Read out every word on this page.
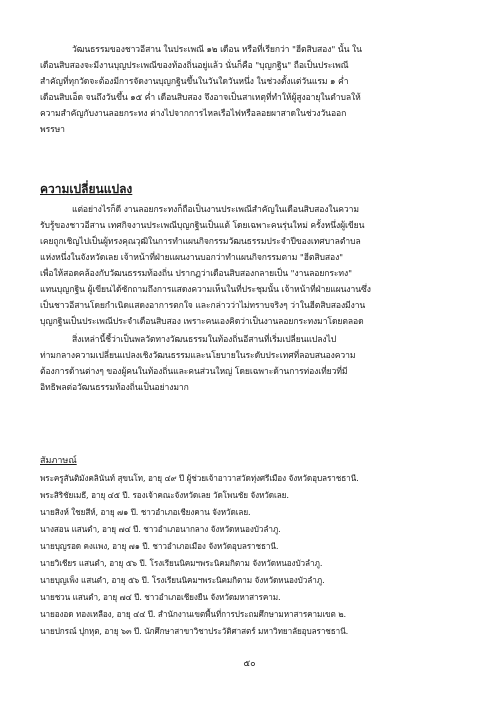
วัฒนธรรมของชาวอีสาน ในประเพณี ๑๒ เดือน หรือที่เรียกว่า "ฮีตสิบสอง" นั้น ใน
เดือนสิบสองจะมีงานบุญประเพณีของท้องถิ่นอยู่แล้ว นั่นก็คือ "บุญกฐิน" ถือเป็นประเพณี
สำคัญที่ทุกวัดจะต้องมีการจัดงานบุญกฐินขึ้นในวันใดวันหนึ่ง ในช่วงตั้งแต่วันแรม ๑ ค่ำ
เดือนสิบเอ็ด จนถึงวันขึ้น ๑๕ ค่ำ เดือนสิบสอง จึงอาจเป็นสาเหตุที่ทำให้ผู้สูงอายุในตำบลให้
ความสำคัญกับงานลอยกระทง ต่างไปจากการไหลเรือไฟหรือลอยผาสาดในช่วงวันออก
พรรษา
ความเปลี่ยนแปลง
แต่อย่างไรก็ดี งานลอยกระทงก็ถือเป็นงานประเพณีสำคัญในเดือนสิบสองในความ
รับรู้ของชาวอีสาน เทศกิจงานประเพณีบุญกฐินเป็นแต้ โดยเฉพาะคนรุ่นใหม่ ครั้งหนึ่งผู้เขียน
เคยถูกเชิญไปเป็นผู้ทรงคุณวุฒิในการทำแผนกิจกรรมวัฒนธรรมประจำปีของเทศบาลตำบล
แห่งหนึ่งในจังหวัดเลย เจ้าหน้าที่ฝ่ายแผนงานบอกว่าทำแผนกิจกรรมตาม "ฮีตสิบสอง"
เพื่อให้สอดคล้องกับวัฒนธรรมท้องถิ่น ปรากฏว่าเดือนสิบสองกลายเป็น "งานลอยกระทง"
แทนบุญกฐิน ผู้เขียนได้ซักถามถึงการแสดงความเห็นในที่ประชุมนั้น เจ้าหน้าที่ฝ่ายแผนงานซึ่ง
เป็นชาวอีสานโดยกำเนิดแสดงอาการตกใจ และกล่าวว่าไม่ทราบจริงๆ ว่าในฮีตสิบสองมีงาน
บุญกฐินเป็นประเพณีประจำเดือนสิบสอง เพราะคนเองคิดว่าเป็นงานลอยกระทงมาโดยตลอด
สิ่งเหล่านี้ชี้ว่าเป็นพลวัตทางวัฒนธรรมในท้องถิ่นอีสานที่เริ่มเปลี่ยนแปลงไป
ท่ามกลางความเปลี่ยนแปลงเชิงวัฒนธรรมและนโยบายในระดับประเทศที่ลอบสนองความ
ต้องการด้านต่างๆ ของผู้คนในท้องถิ่นและคนส่วนใหญ่ โดยเฉพาะด้านการท่องเที่ยวที่มี
อิทธิพลต่อวัฒนธรรมท้องถิ่นเป็นอย่างมาก
สัมภาษณ์
พระครูสันติมังคลินันท์ สุขนโท, อายุ ๔๙ ปี ผู้ช่วยเจ้าอาวาสวัดทุ่งศรีเมือง จังหวัดอุบลราชธานี.
พระสิริชัยเมธี, อายุ ๔๕ ปี. รองเจ้าคณะจังหวัดเลย วัดโพนชัย จังหวัดเลย.
นายสิงห์ ใชยสีห์, อายุ ๗๑ ปี. ชาวอำเภอเชียงคาน จังหวัดเลย.
นางสอน แสนตำ, อายุ ๗๔ ปี. ชาวอำเภอนากลาง จังหวัดหนองบัวลำภู.
นายบุญรอด คงแพง, อายุ ๗๑ ปี. ชาวอำเภอเมือง จังหวัดอุบลราชธานี.
นายวิเชียร แสนตำ, อายุ ๕๖ ปี. โรงเรียนนิคมฯพระนิคมกิตาม จังหวัดหนองบัวลำภู.
นายบุญเพ็ง แสนตำ, อายุ ๕๖ ปี. โรงเรียนนิคมฯพระนิคมกิตาม จังหวัดหนองบัวลำภู.
นายชวน แสนตำ, อายุ ๗๔ ปี. ชาวอำเภอเชียงยืน จังหวัดมหาสารคาม.
นายองอด ทองเหลือง, อายุ ๔๔ ปี. สำนักงานเขตพื้นที่การประถมศึกษามหาสารคามเขต ๒.
นายปกรณ์ ปุกหุต, อายุ ๖๓ ปี. นักศึกษาสาขาวิชาประวัติศาสตร์ มหาวิทยาลัยอุบลราชธานี.
๕๐
